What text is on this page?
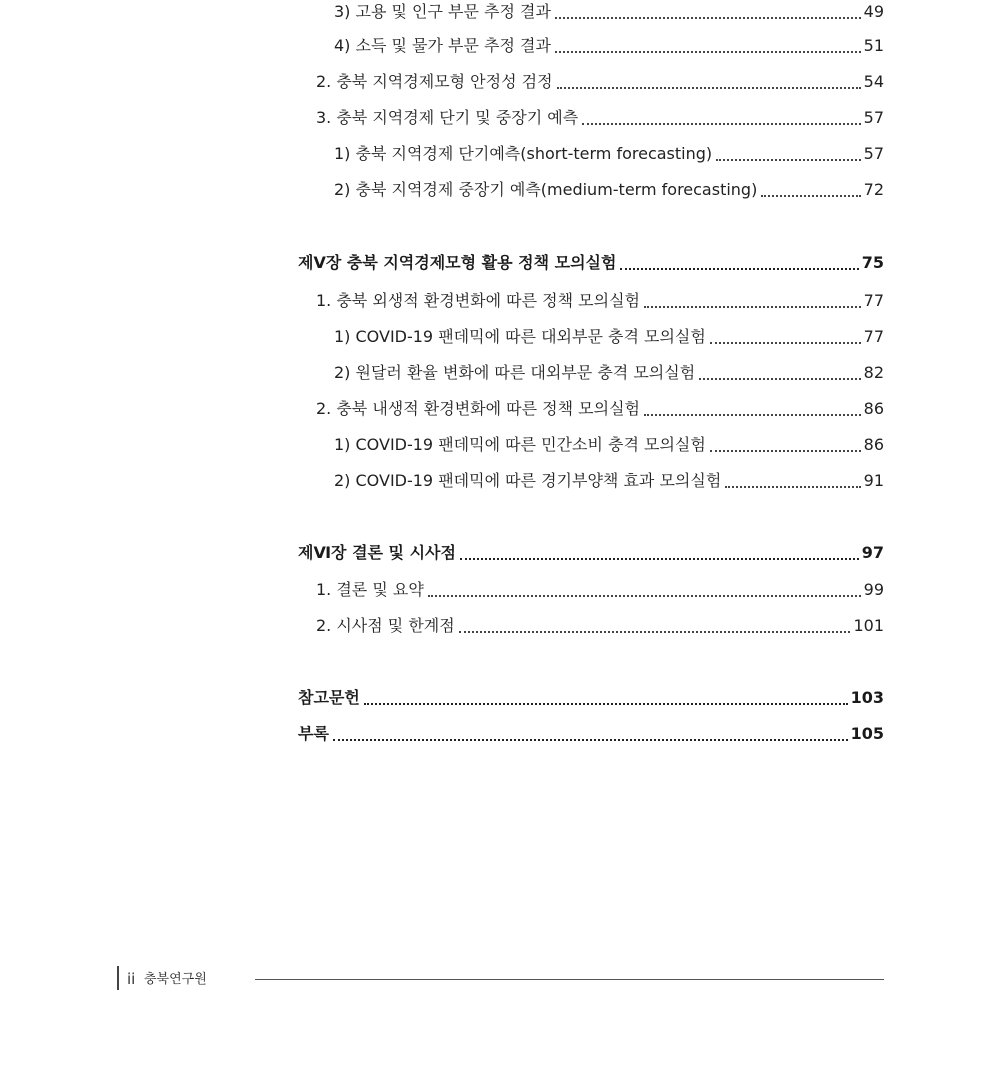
3) 고용 및 인구 부문 추정 결과	49
4) 소득 및 물가 부문 추정 결과	51
2. 충북 지역경제모형 안정성 검정	54
3. 충북 지역경제 단기 및 중장기 예측	57
1) 충북 지역경제 단기예측(short-term forecasting)	57
2) 충북 지역경제 중장기 예측(medium-term forecasting)	72
제Ⅴ장 충북 지역경제모형 활용 정책 모의실험	75
1. 충북 외생적 환경변화에 따른 정책 모의실험	77
1) COVID-19 팬데믹에 따른 대외부문 충격 모의실험	77
2) 원달러 환율 변화에 따른 대외부문 충격 모의실험	82
2. 충북 내생적 환경변화에 따른 정책 모의실험	86
1) COVID-19 팬데믹에 따른 민간소비 충격 모의실험	86
2) COVID-19 팬데믹에 따른 경기부양책 효과 모의실험	91
제Ⅵ장 결론 및 시사점	97
1. 결론 및 요약	99
2. 시사점 및 한계점	101
참고문헌	103
부록	105
ii 충북연구원
